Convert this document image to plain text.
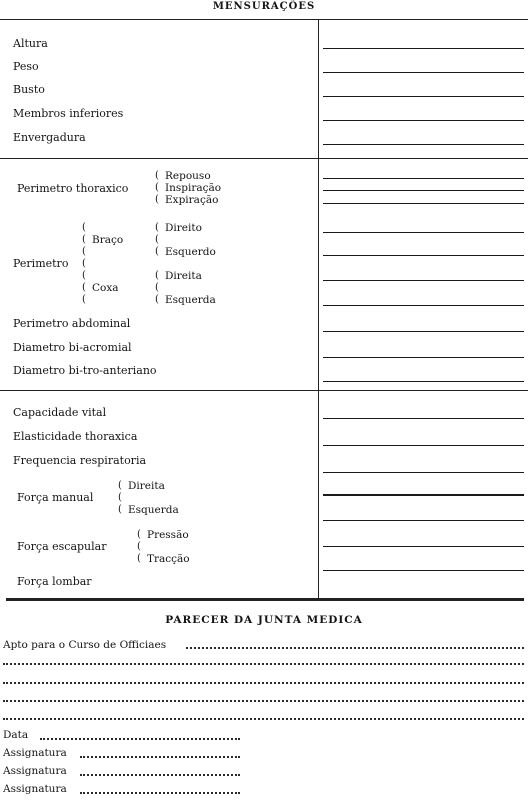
MENSURAÇÕES
Altura
Peso
Busto
Membros inferiores
Envergadura
Perimetro thoraxico
(
(
(
Repouso
Inspiração
Expiração
Perimetro
(
(
(
(
(
(
(
Braço
Coxa
(
(
(
Direito
Esquerdo
(
(
(
Direita
Esquerda
Perimetro abdominal
Diametro bi-acromial
Diametro bi-tro-anteriano
Capacidade vital
Elasticidade thoraxica
Frequencia respiratoria
Força manual
(
(
(
Direita
Esquerda
Força escapular
(
(
(
Pressão
Tracção
Força lombar
PARECER DA JUNTA MEDICA
Apto para o Curso de Officiaes
Data
Assignatura
Assignatura
Assignatura
